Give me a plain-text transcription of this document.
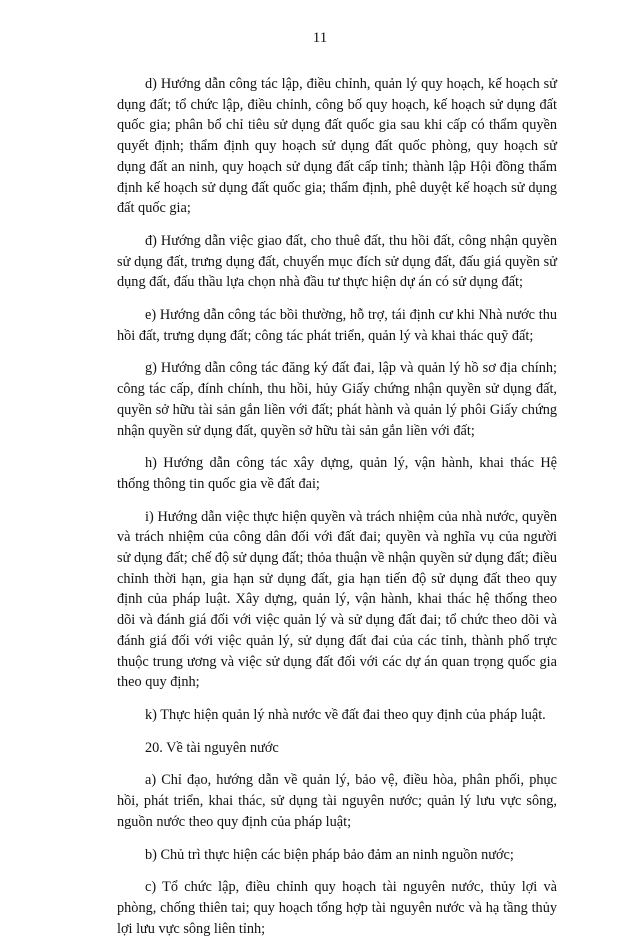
11

d) Hướng dẫn công tác lập, điều chỉnh, quản lý quy hoạch, kế hoạch sử dụng đất; tổ chức lập, điều chỉnh, công bố quy hoạch, kế hoạch sử dụng đất quốc gia; phân bổ chỉ tiêu sử dụng đất quốc gia sau khi cấp có thẩm quyền quyết định; thẩm định quy hoạch sử dụng đất quốc phòng, quy hoạch sử dụng đất an ninh, quy hoạch sử dụng đất cấp tỉnh; thành lập Hội đồng thẩm định kế hoạch sử dụng đất quốc gia; thẩm định, phê duyệt kế hoạch sử dụng đất quốc gia;

đ) Hướng dẫn việc giao đất, cho thuê đất, thu hồi đất, công nhận quyền sử dụng đất, trưng dụng đất, chuyển mục đích sử dụng đất, đấu giá quyền sử dụng đất, đấu thầu lựa chọn nhà đầu tư thực hiện dự án có sử dụng đất;

e) Hướng dẫn công tác bồi thường, hỗ trợ, tái định cư khi Nhà nước thu hồi đất, trưng dụng đất; công tác phát triển, quản lý và khai thác quỹ đất;

g) Hướng dẫn công tác đăng ký đất đai, lập và quản lý hồ sơ địa chính; công tác cấp, đính chính, thu hồi, hủy Giấy chứng nhận quyền sử dụng đất, quyền sở hữu tài sản gắn liền với đất; phát hành và quản lý phôi Giấy chứng nhận quyền sử dụng đất, quyền sở hữu tài sản gắn liền với đất;

h) Hướng dẫn công tác xây dựng, quản lý, vận hành, khai thác Hệ thống thông tin quốc gia về đất đai;

i) Hướng dẫn việc thực hiện quyền và trách nhiệm của nhà nước, quyền và trách nhiệm của công dân đối với đất đai; quyền và nghĩa vụ của người sử dụng đất; chế độ sử dụng đất; thỏa thuận về nhận quyền sử dụng đất; điều chỉnh thời hạn, gia hạn sử dụng đất, gia hạn tiến độ sử dụng đất theo quy định của pháp luật. Xây dựng, quản lý, vận hành, khai thác hệ thống theo dõi và đánh giá đối với việc quản lý và sử dụng đất đai; tổ chức theo dõi và đánh giá đối với việc quản lý, sử dụng đất đai của các tỉnh, thành phố trực thuộc trung ương và việc sử dụng đất đối với các dự án quan trọng quốc gia theo quy định;

k) Thực hiện quản lý nhà nước về đất đai theo quy định của pháp luật.

20. Về tài nguyên nước

a) Chỉ đạo, hướng dẫn về quản lý, bảo vệ, điều hòa, phân phối, phục hồi, phát triển, khai thác, sử dụng tài nguyên nước; quản lý lưu vực sông, nguồn nước theo quy định của pháp luật;

b) Chủ trì thực hiện các biện pháp bảo đảm an ninh nguồn nước;

c) Tổ chức lập, điều chỉnh quy hoạch tài nguyên nước, thủy lợi và phòng, chống thiên tai; quy hoạch tổng hợp tài nguyên nước và hạ tầng thủy lợi lưu vực sông liên tỉnh;
